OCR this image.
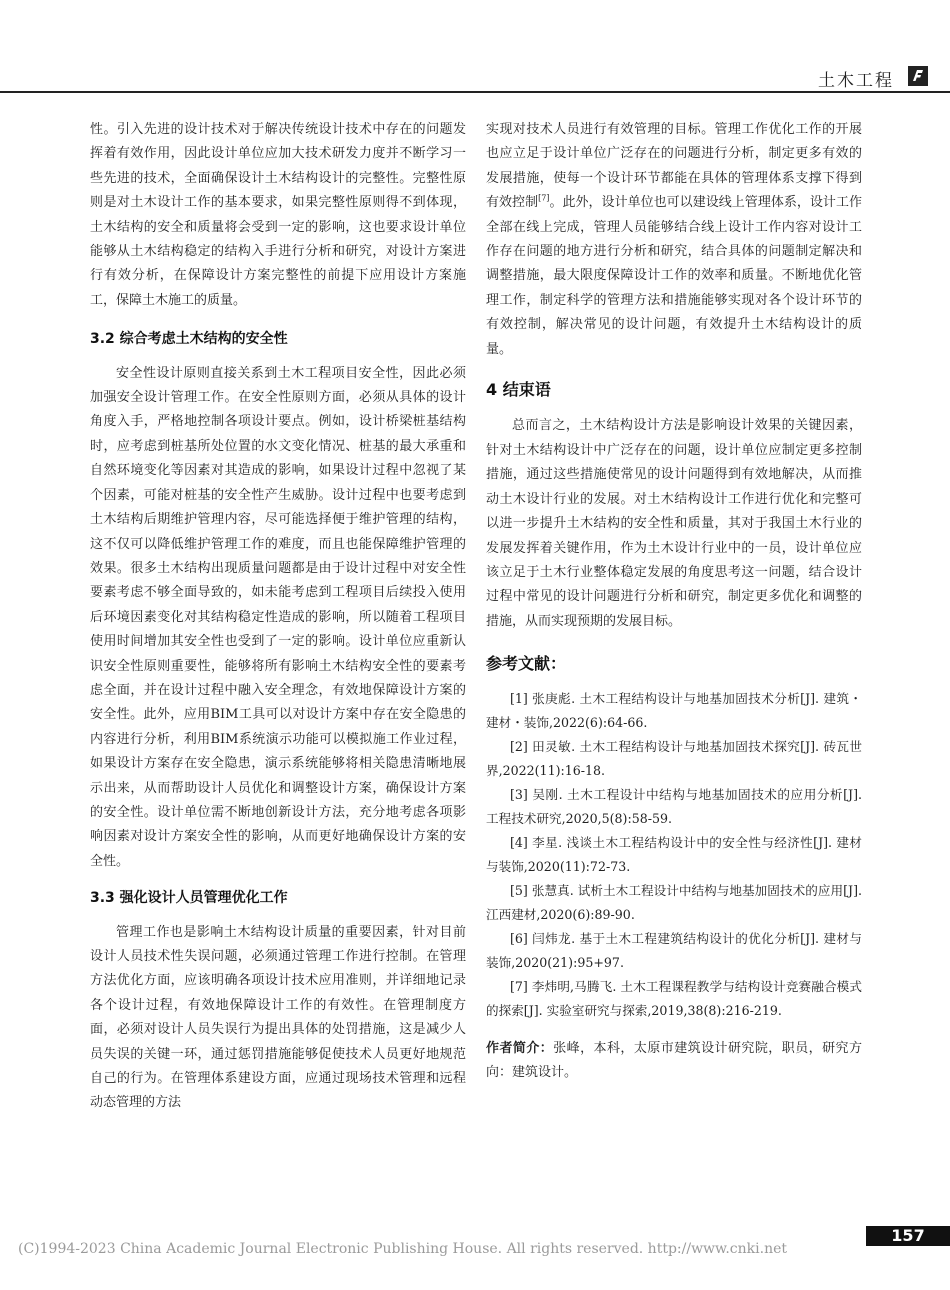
土木工程

性。引入先进的设计技术对于解决传统设计技术中存在的问题发挥着有效作用，因此设计单位应加大技术研发力度并不断学习一些先进的技术，全面确保设计土木结构设计的完整性。完整性原则是对土木设计工作的基本要求，如果完整性原则得不到体现，土木结构的安全和质量将会受到一定的影响，这也要求设计单位能够从土木结构稳定的结构入手进行分析和研究，对设计方案进行有效分析，在保障设计方案完整性的前提下应用设计方案施工，保障土木施工的质量。

3.2 综合考虑土木结构的安全性

安全性设计原则直接关系到土木工程项目安全性，因此必须加强安全设计管理工作。在安全性原则方面，必须从具体的设计角度入手，严格地控制各项设计要点。例如，设计桥梁桩基结构时，应考虑到桩基所处位置的水文变化情况、桩基的最大承重和自然环境变化等因素对其造成的影响，如果设计过程中忽视了某个因素，可能对桩基的安全性产生威胁。设计过程中也要考虑到土木结构后期维护管理内容，尽可能选择便于维护管理的结构，这不仅可以降低维护管理工作的难度，而且也能保障维护管理的效果。很多土木结构出现质量问题都是由于设计过程中对安全性要素考虑不够全面导致的，如未能考虑到工程项目后续投入使用后环境因素变化对其结构稳定性造成的影响，所以随着工程项目使用时间增加其安全性也受到了一定的影响。设计单位应重新认识安全性原则重要性，能够将所有影响土木结构安全性的要素考虑全面，并在设计过程中融入安全理念，有效地保障设计方案的安全性。此外，应用BIM工具可以对设计方案中存在安全隐患的内容进行分析，利用BIM系统演示功能可以模拟施工作业过程，如果设计方案存在安全隐患，演示系统能够将相关隐患清晰地展示出来，从而帮助设计人员优化和调整设计方案，确保设计方案的安全性。设计单位需不断地创新设计方法，充分地考虑各项影响因素对设计方案安全性的影响，从而更好地确保设计方案的安全性。

3.3 强化设计人员管理优化工作

管理工作也是影响土木结构设计质量的重要因素，针对目前设计人员技术性失误问题，必须通过管理工作进行控制。在管理方法优化方面，应该明确各项设计技术应用准则，并详细地记录各个设计过程，有效地保障设计工作的有效性。在管理制度方面，必须对设计人员失误行为提出具体的处罚措施，这是减少人员失误的关键一环，通过惩罚措施能够促使技术人员更好地规范自己的行为。在管理体系建设方面，应通过现场技术管理和远程动态管理的方法

实现对技术人员进行有效管理的目标。管理工作优化工作的开展也应立足于设计单位广泛存在的问题进行分析，制定更多有效的发展措施，使每一个设计环节都能在具体的管理体系支撑下得到有效控制[7]。此外，设计单位也可以建设线上管理体系，设计工作全部在线上完成，管理人员能够结合线上设计工作内容对设计工作存在问题的地方进行分析和研究，结合具体的问题制定解决和调整措施，最大限度保障设计工作的效率和质量。不断地优化管理工作，制定科学的管理方法和措施能够实现对各个设计环节的有效控制，解决常见的设计问题，有效提升土木结构设计的质量。

4 结束语

总而言之，土木结构设计方法是影响设计效果的关键因素，针对土木结构设计中广泛存在的问题，设计单位应制定更多控制措施，通过这些措施使常见的设计问题得到有效地解决，从而推动土木设计行业的发展。对土木结构设计工作进行优化和完整可以进一步提升土木结构的安全性和质量，其对于我国土木行业的发展发挥着关键作用，作为土木设计行业中的一员，设计单位应该立足于土木行业整体稳定发展的角度思考这一问题，结合设计过程中常见的设计问题进行分析和研究，制定更多优化和调整的措施，从而实现预期的发展目标。

参考文献：

[1] 张庚彪. 土木工程结构设计与地基加固技术分析[J]. 建筑・建材・装饰,2022(6):64-66.

[2] 田灵敏. 土木工程结构设计与地基加固技术探究[J]. 砖瓦世界,2022(11):16-18.

[3] 吴刚. 土木工程设计中结构与地基加固技术的应用分析[J]. 工程技术研究,2020,5(8):58-59.

[4] 李星. 浅谈土木工程结构设计中的安全性与经济性[J]. 建材与装饰,2020(11):72-73.

[5] 张慧真. 试析土木工程设计中结构与地基加固技术的应用[J]. 江西建材,2020(6):89-90.

[6] 闫炜龙. 基于土木工程建筑结构设计的优化分析[J]. 建材与装饰,2020(21):95+97.

[7] 李炜明,马腾飞. 土木工程课程教学与结构设计竞赛融合模式的探索[J]. 实验室研究与探索,2019,38(8):216-219.

作者简介：张峰，本科，太原市建筑设计研究院，职员，研究方向：建筑设计。

157
(C)1994-2023 China Academic Journal Electronic Publishing House. All rights reserved. http://www.cnki.net
